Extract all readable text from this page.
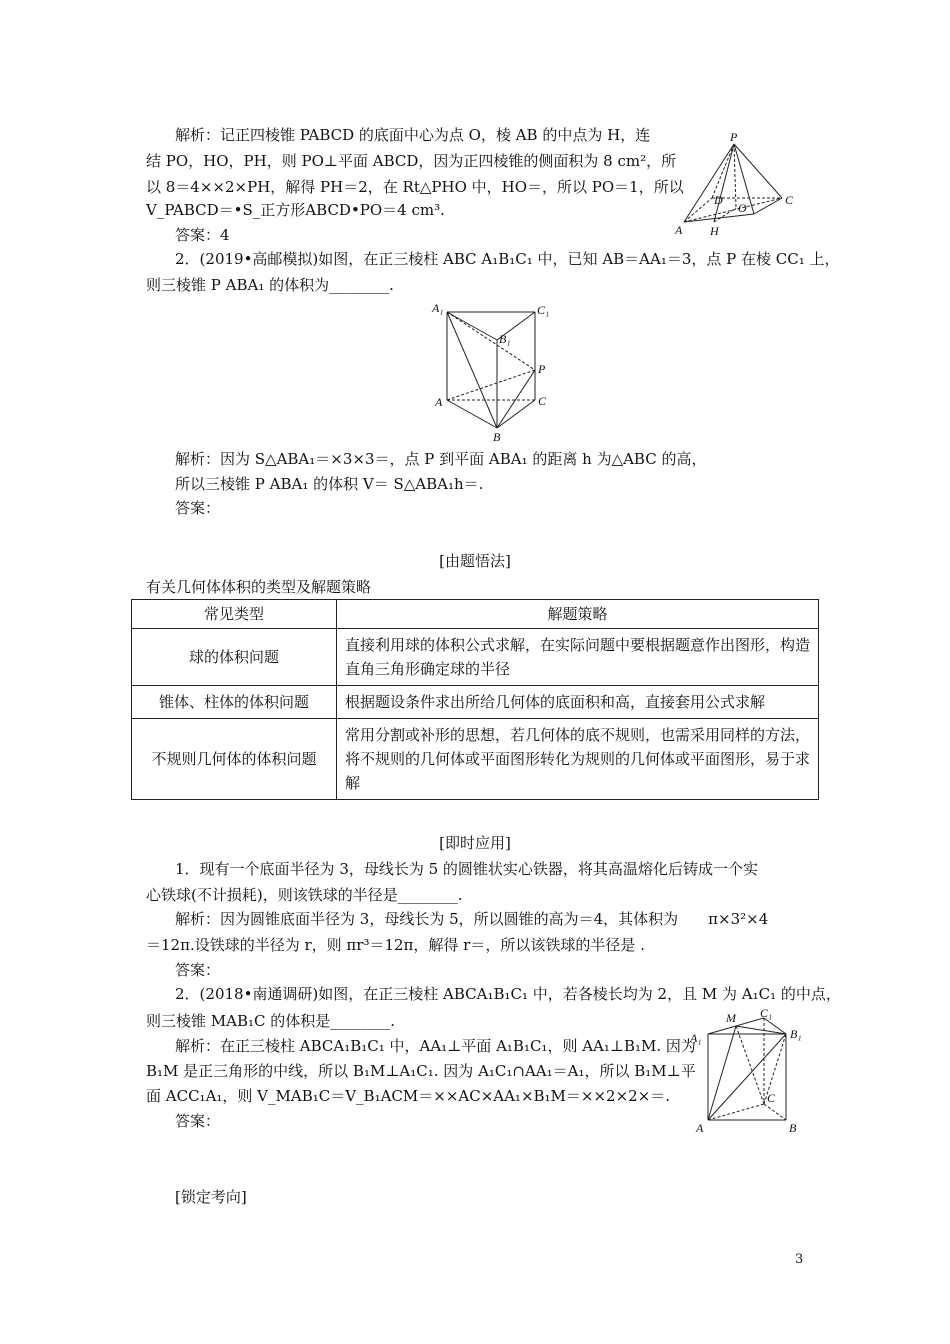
解析：记正四棱锥 PABCD 的底面中心为点 O，棱 AB 的中点为 H，连
结 PO，HO，PH，则 PO⊥平面 ABCD，因为正四棱锥的侧面积为 8 cm²，所
以 8＝4××2×PH，解得 PH＝2，在 Rt△PHO 中，HO＝，所以 PO＝1，所以
V_PABCD＝•S_正方形ABCD•PO＝4 cm³.
答案：4
P
D
A H
O
C
2．(2019•高邮模拟)如图，在正三棱柱 ABC A₁B₁C₁ 中，已知 AB＝AA₁＝3，点 P 在棱 CC₁ 上，
则三棱锥 P ABA₁ 的体积为________.
A₁	C₁
B₁
P
A	C
B
解析：因为 S△ABA₁＝×3×3＝，点 P 到平面 ABA₁ 的距离 h 为△ABC 的高，
所以三棱锥 P ABA₁ 的体积 V＝ S△ABA₁h＝.
答案：
[由题悟法]
有关几何体体积的类型及解题策略
常见类型	解题策略
球的体积问题	直接利用球的体积公式求解，在实际问题中要根据题意作出图形，构造直角三角形确定球的半径
锥体、柱体的体积问题	根据题设条件求出所给几何体的底面积和高，直接套用公式求解
不规则几何体的体积问题	常用分割或补形的思想，若几何体的底不规则，也需采用同样的方法，将不规则的几何体或平面图形转化为规则的几何体或平面图形，易于求解
[即时应用]
1．现有一个底面半径为 3，母线长为 5 的圆锥状实心铁器，将其高温熔化后铸成一个实
心铁球(不计损耗)，则该铁球的半径是________.
解析：因为圆锥底面半径为 3，母线长为 5，所以圆锥的高为＝4，其体积为　　π×3²×4
＝12π.设铁球的半径为 r，则 πr³＝12π，解得 r＝，所以该铁球的半径是 .
答案：
2．(2018•南通调研)如图，在正三棱柱 ABCA₁B₁C₁ 中，若各棱长均为 2，且 M 为 A₁C₁ 的中点，
则三棱锥 MAB₁C 的体积是________.
解析：在正三棱柱 ABCA₁B₁C₁ 中，AA₁⊥平面 A₁B₁C₁，则 AA₁⊥B₁M. 因为
B₁M 是正三角形的中线，所以 B₁M⊥A₁C₁. 因为 A₁C₁∩AA₁＝A₁，所以 B₁M⊥平
面 ACC₁A₁，则 V_MAB₁C＝V_B₁ACM＝××AC×AA₁×B₁M＝××2×2×＝.
答案：
M C₁
A₁	B₁
C
A	B
[锁定考向]
3
